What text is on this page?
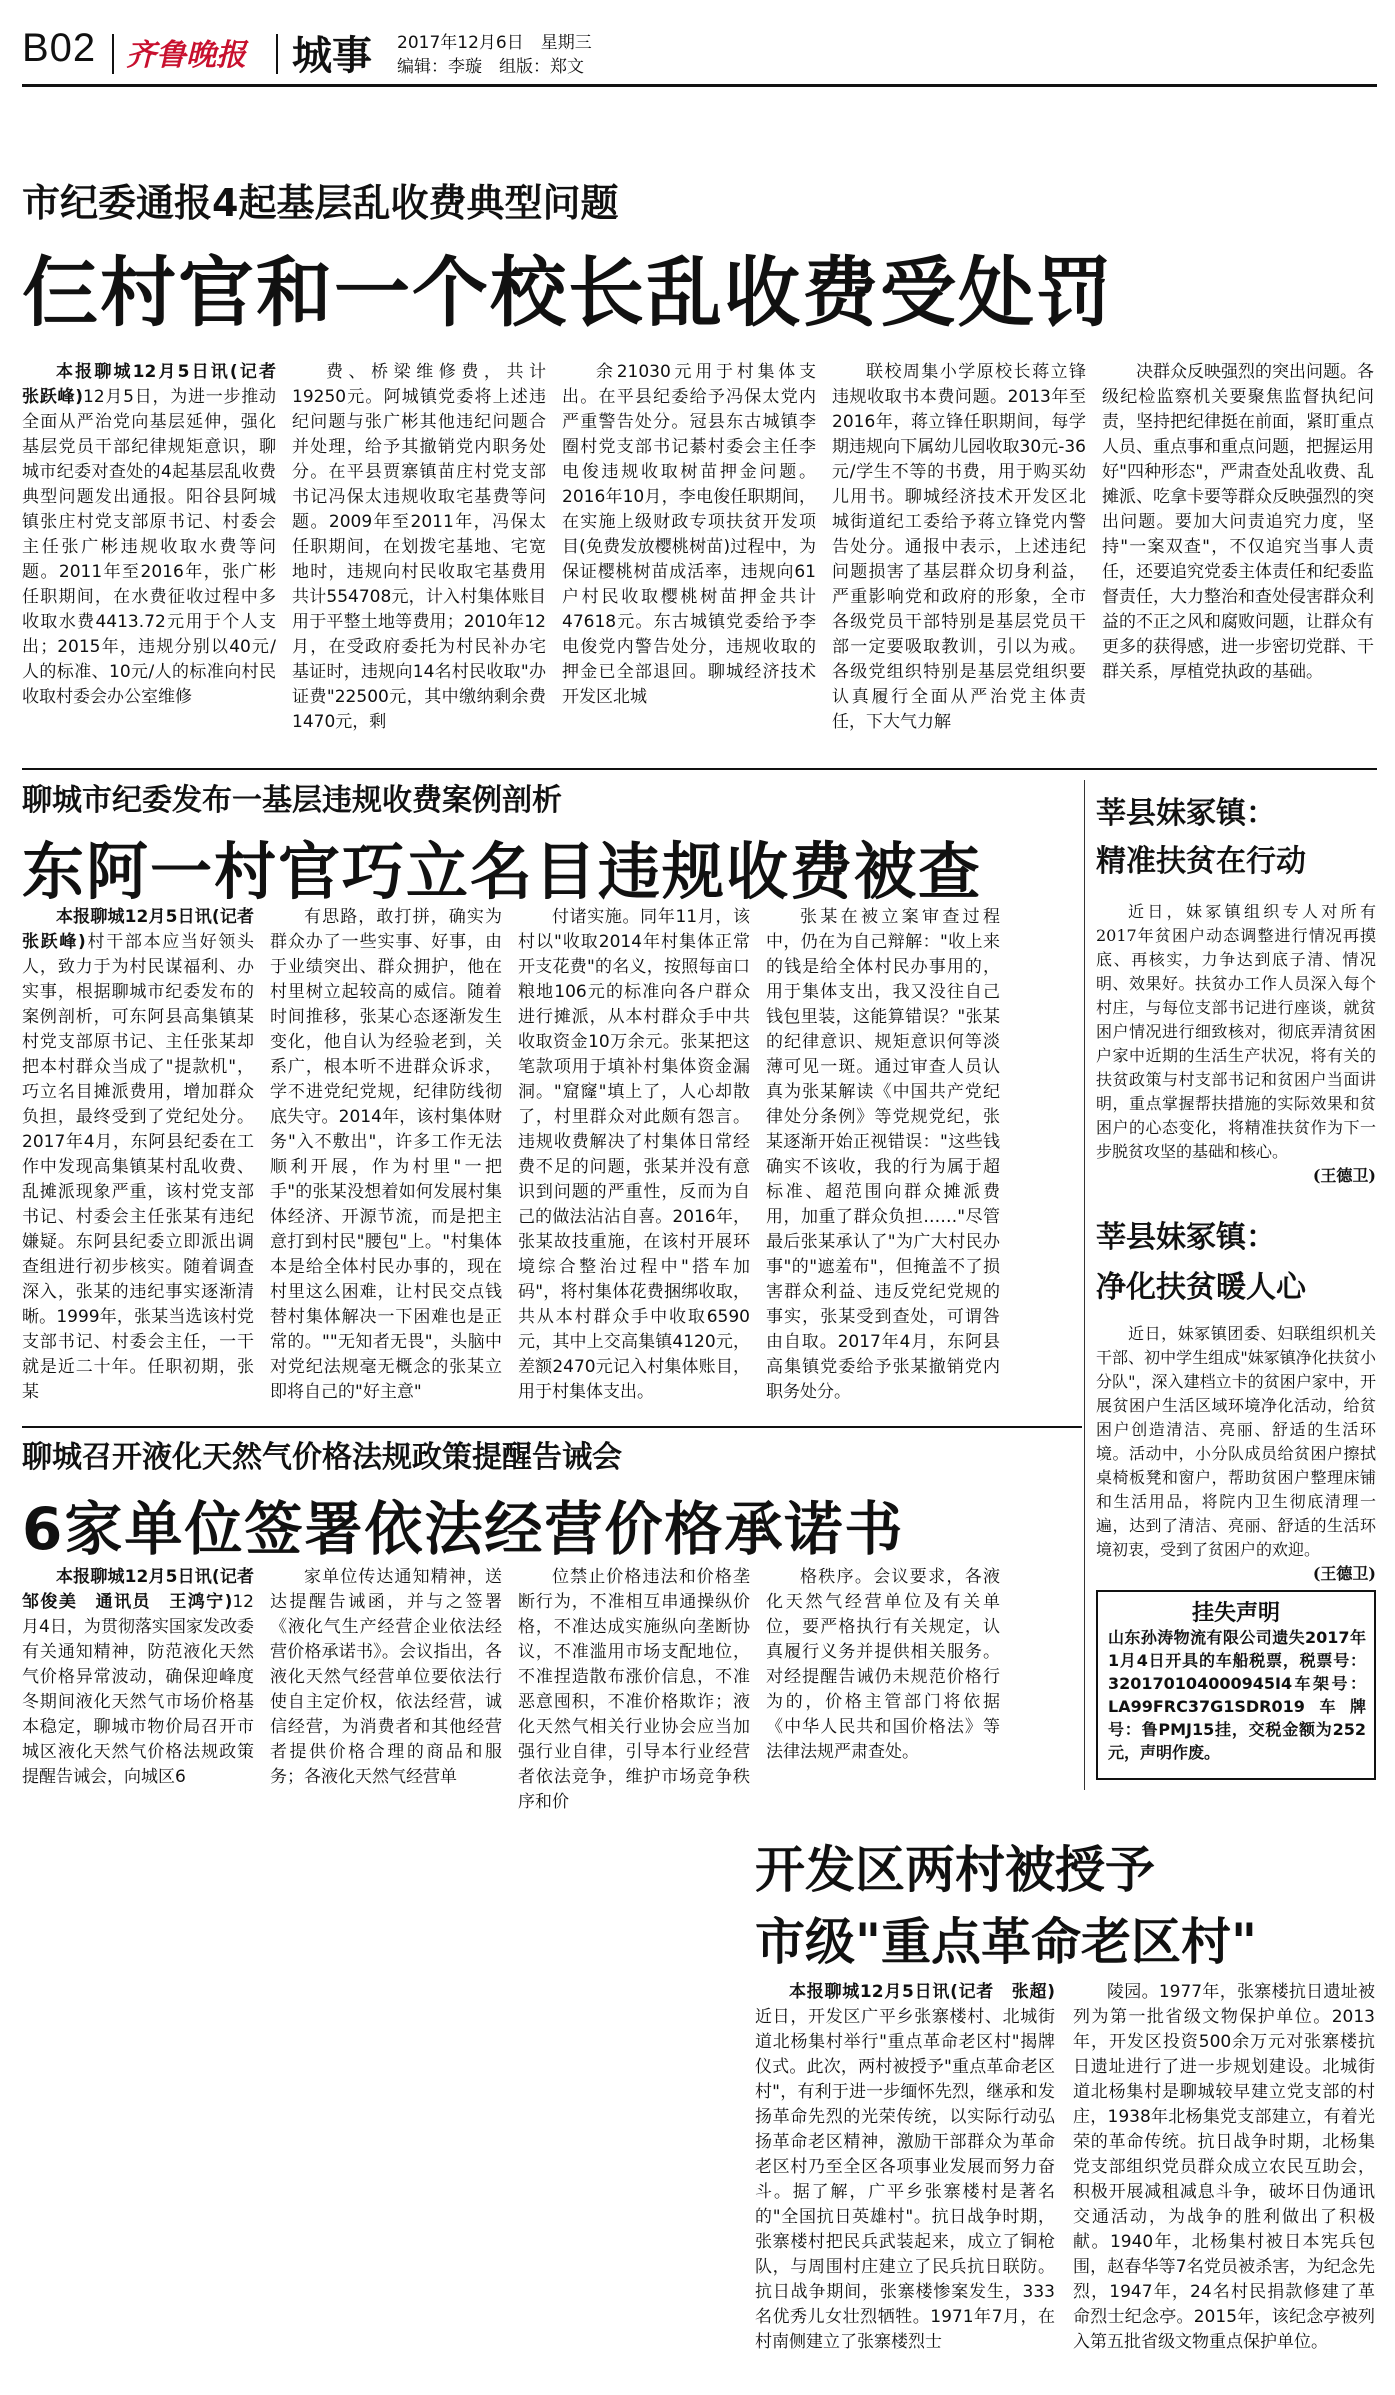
B02 齐鲁晚报 城事 2017年12月6日　星期三
编辑：李璇　组版：郑文
市纪委通报4起基层乱收费典型问题
仨村官和一个校长乱收费受处罚

本报聊城12月5日讯(记者　张跃峰)12月5日，为进一步推动全面从严治党向基层延伸，强化基层党员干部纪律规矩意识，聊城市纪委对查处的4起基层乱收费典型问题发出通报。阳谷县阿城镇张庄村党支部原书记、村委会主任张广彬违规收取水费等问题。2011年至2016年，张广彬任职期间，在水费征收过程中多收取水费4413.72元用于个人支出；2015年，违规分别以40元/人的标准、10元/人的标准向村民收取村委会办公室维修

费、桥梁维修费，共计19250元。阿城镇党委将上述违纪问题与张广彬其他违纪问题合并处理，给予其撤销党内职务处分。在平县贾寨镇苗庄村党支部书记冯保太违规收取宅基费等问题。2009年至2011年，冯保太任职期间，在划拨宅基地、宅宽地时，违规向村民收取宅基费用共计554708元，计入村集体账目用于平整土地等费用；2010年12月，在受政府委托为村民补办宅基证时，违规向14名村民收取"办证费"22500元，其中缴纳剩余费1470元，剩

余21030元用于村集体支出。在平县纪委给予冯保太党内严重警告处分。冠县东古城镇李圈村党支部书记綦村委会主任李电俊违规收取树苗押金问题。2016年10月，李电俊任职期间，在实施上级财政专项扶贫开发项目(免费发放樱桃树苗)过程中，为保证樱桃树苗成活率，违规向61户村民收取樱桃树苗押金共计47618元。东古城镇党委给予李电俊党内警告处分，违规收取的押金已全部退回。聊城经济技术开发区北城

联校周集小学原校长蒋立锋违规收取书本费问题。2013年至2016年，蒋立锋任职期间，每学期违规向下属幼儿园收取30元-36元/学生不等的书费，用于购买幼儿用书。聊城经济技术开发区北城街道纪工委给予蒋立锋党内警告处分。通报中表示，上述违纪问题损害了基层群众切身利益，严重影响党和政府的形象，全市各级党员干部特别是基层党员干部一定要吸取教训，引以为戒。各级党组织特别是基层党组织要认真履行全面从严治党主体责任，下大气力解

决群众反映强烈的突出问题。各级纪检监察机关要聚焦监督执纪问责，坚持把纪律挺在前面，紧盯重点人员、重点事和重点问题，把握运用好"四种形态"，严肃查处乱收费、乱摊派、吃拿卡要等群众反映强烈的突出问题。要加大问责追究力度，坚持"一案双查"，不仅追究当事人责任，还要追究党委主体责任和纪委监督责任，大力整治和查处侵害群众利益的不正之风和腐败问题，让群众有更多的获得感，进一步密切党群、干群关系，厚植党执政的基础。

聊城市纪委发布一基层违规收费案例剖析
东阿一村官巧立名目违规收费被查

本报聊城12月5日讯(记者　张跃峰)村干部本应当好领头人，致力于为村民谋福利、办实事，根据聊城市纪委发布的案例剖析，可东阿县高集镇某村党支部原书记、主任张某却把本村群众当成了"提款机"，巧立名目摊派费用，增加群众负担，最终受到了党纪处分。2017年4月，东阿县纪委在工作中发现高集镇某村乱收费、乱摊派现象严重，该村党支部书记、村委会主任张某有违纪嫌疑。东阿县纪委立即派出调查组进行初步核实。随着调查深入，张某的违纪事实逐渐清晰。1999年，张某当选该村党支部书记、村委会主任，一干就是近二十年。任职初期，张某

有思路，敢打拼，确实为群众办了一些实事、好事，由于业绩突出、群众拥护，他在村里树立起较高的威信。随着时间推移，张某心态逐渐发生变化，他自认为经验老到，关系广，根本听不进群众诉求，学不进党纪党规，纪律防线彻底失守。2014年，该村集体财务"入不敷出"，许多工作无法顺利开展，作为村里"一把手"的张某没想着如何发展村集体经济、开源节流，而是把主意打到村民"腰包"上。"村集体本是给全体村民办事的，现在村里这么困难，让村民交点钱替村集体解决一下困难也是正常的。""无知者无畏"，头脑中对党纪法规毫无概念的张某立即将自己的"好主意"

付诸实施。同年11月，该村以"收取2014年村集体正常开支花费"的名义，按照每亩口粮地106元的标准向各户群众进行摊派，从本村群众手中共收取资金10万余元。张某把这笔款项用于填补村集体资金漏洞。"窟窿"填上了，人心却散了，村里群众对此颇有怨言。违规收费解决了村集体日常经费不足的问题，张某并没有意识到问题的严重性，反而为自己的做法沾沾自喜。2016年，张某故技重施，在该村开展环境综合整治过程中"搭车加码"，将村集体花费捆绑收取，共从本村群众手中收取6590元，其中上交高集镇4120元，差额2470元记入村集体账目，用于村集体支出。

张某在被立案审查过程中，仍在为自己辩解："收上来的钱是给全体村民办事用的，用于集体支出，我又没往自己钱包里装，这能算错误？"张某的纪律意识、规矩意识何等淡薄可见一斑。通过审查人员认真为张某解读《中国共产党纪律处分条例》等党规党纪，张某逐渐开始正视错误："这些钱确实不该收，我的行为属于超标准、超范围向群众摊派费用，加重了群众负担……"尽管最后张某承认了"为广大村民办事"的"遮羞布"，但掩盖不了损害群众利益、违反党纪党规的事实，张某受到查处，可谓咎由自取。2017年4月，东阿县高集镇党委给予张某撤销党内职务处分。

聊城召开液化天然气价格法规政策提醒告诫会
6家单位签署依法经营价格承诺书

本报聊城12月5日讯(记者　邹俊美　通讯员　王鸿宁)12月4日，为贯彻落实国家发改委有关通知精神，防范液化天然气价格异常波动，确保迎峰度冬期间液化天然气市场价格基本稳定，聊城市物价局召开市城区液化天然气价格法规政策提醒告诫会，向城区6

家单位传达通知精神，送达提醒告诫函，并与之签署《液化气生产经营企业依法经营价格承诺书》。会议指出，各液化天然气经营单位要依法行使自主定价权，依法经营，诚信经营，为消费者和其他经营者提供价格合理的商品和服务；各液化天然气经营单

位禁止价格违法和价格垄断行为，不准相互串通操纵价格，不准达成实施纵向垄断协议，不准滥用市场支配地位，不准捏造散布涨价信息，不准恶意囤积，不准价格欺诈；液化天然气相关行业协会应当加强行业自律，引导本行业经营者依法竞争，维护市场竞争秩序和价

格秩序。会议要求，各液化天然气经营单位及有关单位，要严格执行有关规定，认真履行义务并提供相关服务。对经提醒告诫仍未规范价格行为的，价格主管部门将依据《中华人民共和国价格法》等法律法规严肃查处。

莘县妹冢镇：
精准扶贫在行动

近日，妹冢镇组织专人对所有2017年贫困户动态调整进行情况再摸底、再核实，力争达到底子清、情况明、效果好。扶贫办工作人员深入每个村庄，与每位支部书记进行座谈，就贫困户情况进行细致核对，彻底弄清贫困户家中近期的生活生产状况，将有关的扶贫政策与村支部书记和贫困户当面讲明，重点掌握帮扶措施的实际效果和贫困户的心态变化，将精准扶贫作为下一步脱贫攻坚的基础和核心。
(王德卫)

莘县妹冢镇：
净化扶贫暖人心

近日，妹冢镇团委、妇联组织机关干部、初中学生组成"妹冢镇净化扶贫小分队"，深入建档立卡的贫困户家中，开展贫困户生活区域环境净化活动，给贫困户创造清洁、亮丽、舒适的生活环境。活动中，小分队成员给贫困户擦拭桌椅板凳和窗户，帮助贫困户整理床铺和生活用品，将院内卫生彻底清理一遍，达到了清洁、亮丽、舒适的生活环境初衷，受到了贫困户的欢迎。
(王德卫)

挂失声明
山东孙涛物流有限公司遗失2017年1月4日开具的车船税票，税票号：320170104000945I4车架号：LA99FRC37G1SDR019车牌号：鲁PMJ15挂，交税金额为252元，声明作废。
开发区两村被授予
市级"重点革命老区村"

本报聊城12月5日讯(记者　张超)近日，开发区广平乡张寨楼村、北城街道北杨集村举行"重点革命老区村"揭牌仪式。此次，两村被授予"重点革命老区村"，有利于进一步缅怀先烈，继承和发扬革命先烈的光荣传统，以实际行动弘扬革命老区精神，激励干部群众为革命老区村乃至全区各项事业发展而努力奋斗。据了解，广平乡张寨楼村是著名的"全国抗日英雄村"。抗日战争时期，张寨楼村把民兵武装起来，成立了铜枪队，与周围村庄建立了民兵抗日联防。抗日战争期间，张寨楼惨案发生，333名优秀儿女壮烈牺牲。1971年7月，在村南侧建立了张寨楼烈士

陵园。1977年，张寨楼抗日遗址被列为第一批省级文物保护单位。2013年，开发区投资500余万元对张寨楼抗日遗址进行了进一步规划建设。北城街道北杨集村是聊城较早建立党支部的村庄，1938年北杨集党支部建立，有着光荣的革命传统。抗日战争时期，北杨集党支部组织党员群众成立农民互助会，积极开展减租减息斗争，破坏日伪通讯交通活动，为战争的胜利做出了积极献。1940年，北杨集村被日本宪兵包围，赵春华等7名党员被杀害，为纪念先烈，1947年，24名村民捐款修建了革命烈士纪念亭。2015年，该纪念亭被列入第五批省级文物重点保护单位。
